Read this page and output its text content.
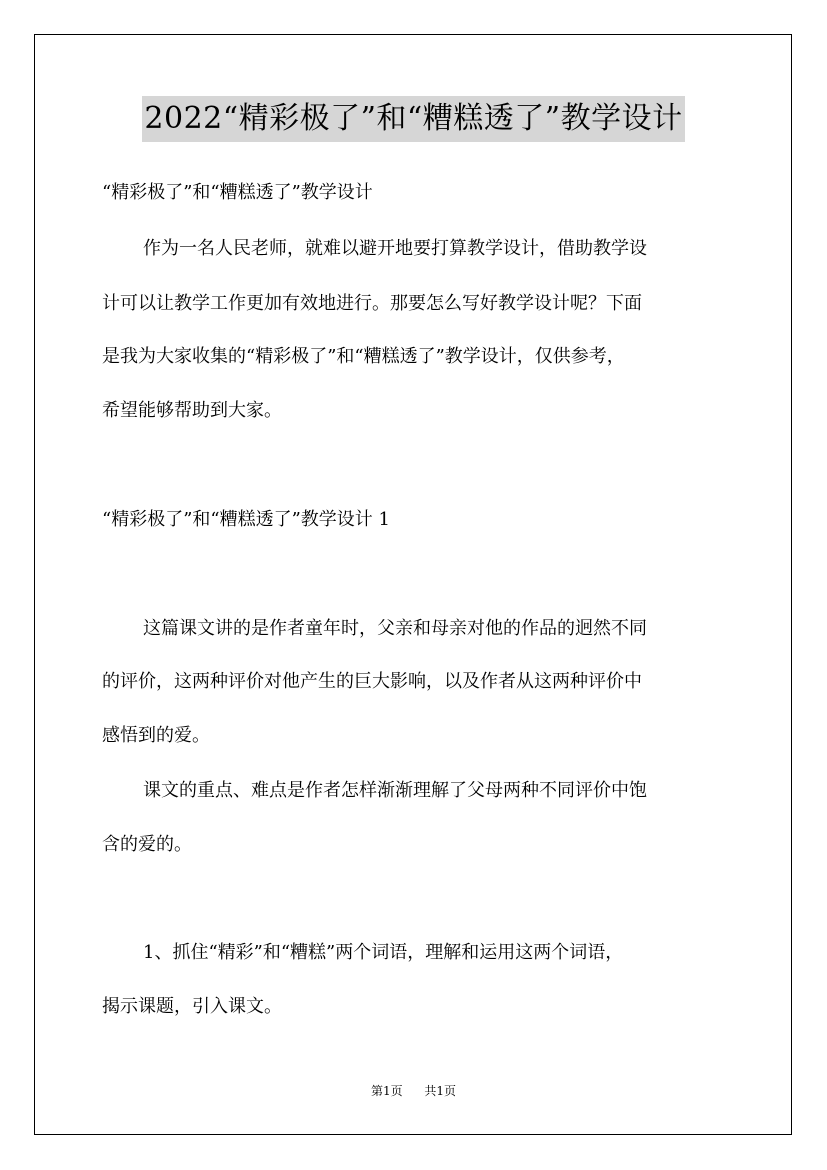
2022“精彩极了”和“糟糕透了”教学设计
“精彩极了”和“糟糕透了”教学设计
作为一名人民老师，就难以避开地要打算教学设计，借助教学设
计可以让教学工作更加有效地进行。那要怎么写好教学设计呢？下面
是我为大家收集的“精彩极了”和“糟糕透了”教学设计，仅供参考，
希望能够帮助到大家。
“精彩极了”和“糟糕透了”教学设计 1
这篇课文讲的是作者童年时，父亲和母亲对他的作品的迥然不同
的评价，这两种评价对他产生的巨大影响，以及作者从这两种评价中
感悟到的爱。
课文的重点、难点是作者怎样渐渐理解了父母两种不同评价中饱
含的爱的。
1、抓住“精彩”和“糟糕”两个词语，理解和运用这两个词语，
揭示课题，引入课文。
第1页 共1页
